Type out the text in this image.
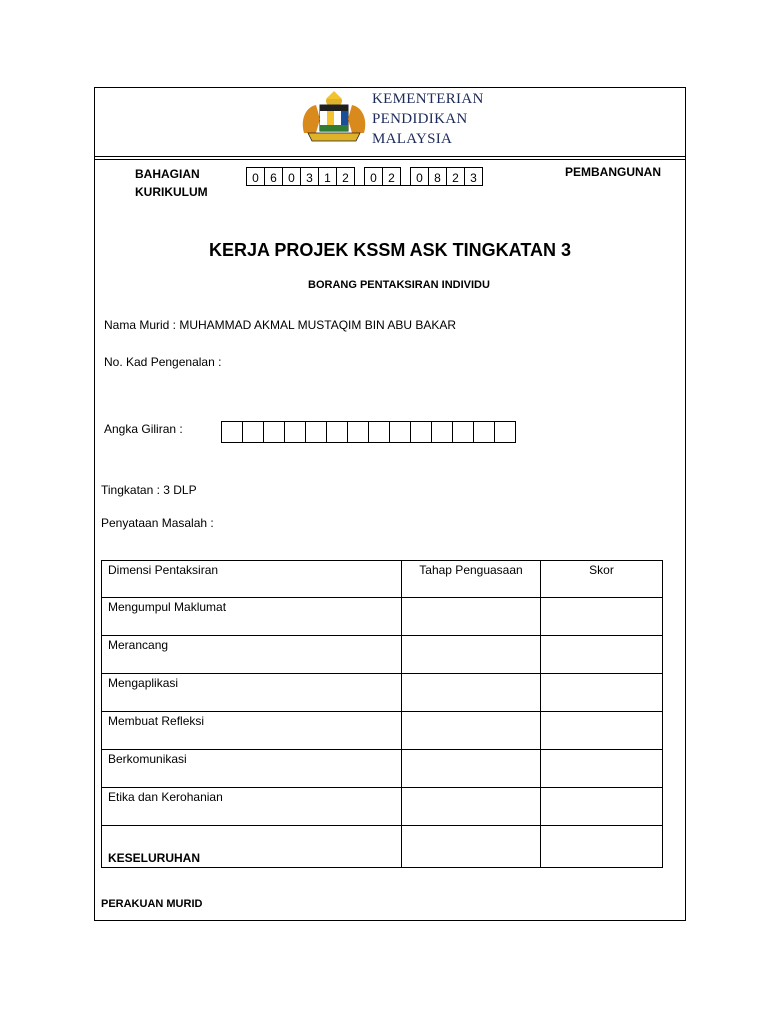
KEMENTERIAN
PENDIDIKAN
MALAYSIA
BAHAGIAN
KURIKULUM
PEMBANGUNAN
0 6 0 3 1 2	0 2	0 8 2 3
KERJA PROJEK KSSM ASK TINGKATAN 3
BORANG PENTAKSIRAN INDIVIDU
Nama Murid : MUHAMMAD AKMAL MUSTAQIM BIN ABU BAKAR
No. Kad Pengenalan :
Angka Giliran :
Tingkatan : 3 DLP
Penyataan Masalah :
Dimensi Pentaksiran	Tahap Penguasaan	Skor
Mengumpul Maklumat		
Merancang		
Mengaplikasi		
Membuat Refleksi		
Berkomunikasi		
Etika dan Kerohanian		
KESELURUHAN		
PERAKUAN MURID
